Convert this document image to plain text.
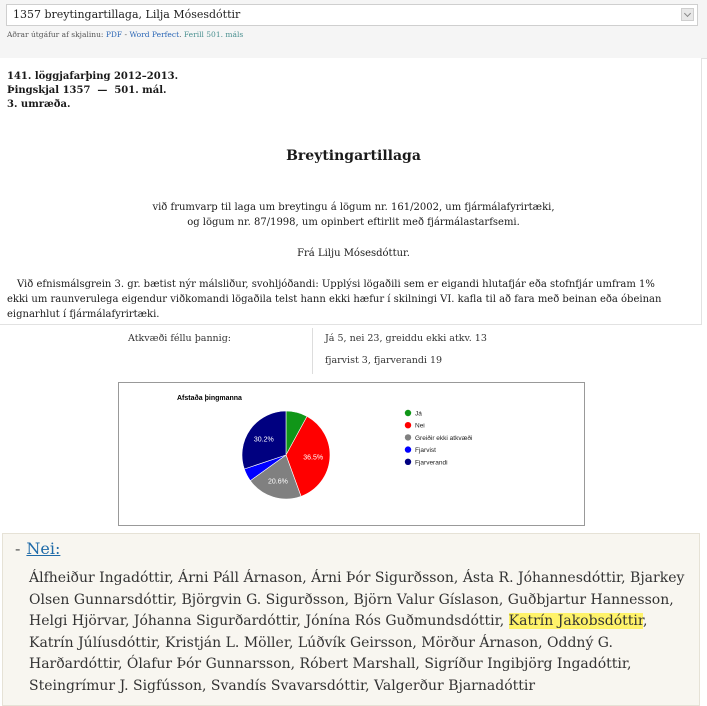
1357 breytingartillaga, Lilja Mósesdóttir
Aðrar útgáfur af skjalinu: PDF - Word Perfect. Ferill 501. máls
141. löggjafarþing 2012–2013.
Þingskjal 1357  —  501. mál.
3. umræða.
Breytingartillaga
við frumvarp til laga um breytingu á lögum nr. 161/2002, um fjármálafyrirtæki,
og lögum nr. 87/1998, um opinbert eftirlit með fjármálastarfsemi.
Frá Lilju Mósesdóttur.
Við efnismálsgrein 3. gr. bætist nýr málsliður, svohljóðandi: Upplýsi lögaðili sem er eigandi hlutafjár eða stofnfjár umfram 1% ekki um raunverulega eigendur viðkomandi lögaðila telst hann ekki hæfur í skilningi VI. kafla til að fara með beinan eða óbeinan eignarhlut í fjármálafyrirtæki.
Atkvæði féllu þannig:	Já 5, nei 23, greiddu ekki atkv. 13
fjarvist 3, fjarverandi 19
Afstaða þingmanna
36.5%
20.6%
30.2%
Já
Nei
Greiðir ekki atkvæði
Fjarvist
Fjarverandi
- Nei:
Álfheiður Ingadóttir, Árni Páll Árnason, Árni Þór Sigurðsson, Ásta R. Jóhannesdóttir, Bjarkey Olsen Gunnarsdóttir, Björgvin G. Sigurðsson, Björn Valur Gíslason, Guðbjartur Hannesson, Helgi Hjörvar, Jóhanna Sigurðardóttir, Jónína Rós Guðmundsdóttir, Katrín Jakobsdóttir, Katrín Júlíusdóttir, Kristján L. Möller, Lúðvík Geirsson, Mörður Árnason, Oddný G. Harðardóttir, Ólafur Þór Gunnarsson, Róbert Marshall, Sigríður Ingibjörg Ingadóttir, Steingrímur J. Sigfússon, Svandís Svavarsdóttir, Valgerður Bjarnadóttir
